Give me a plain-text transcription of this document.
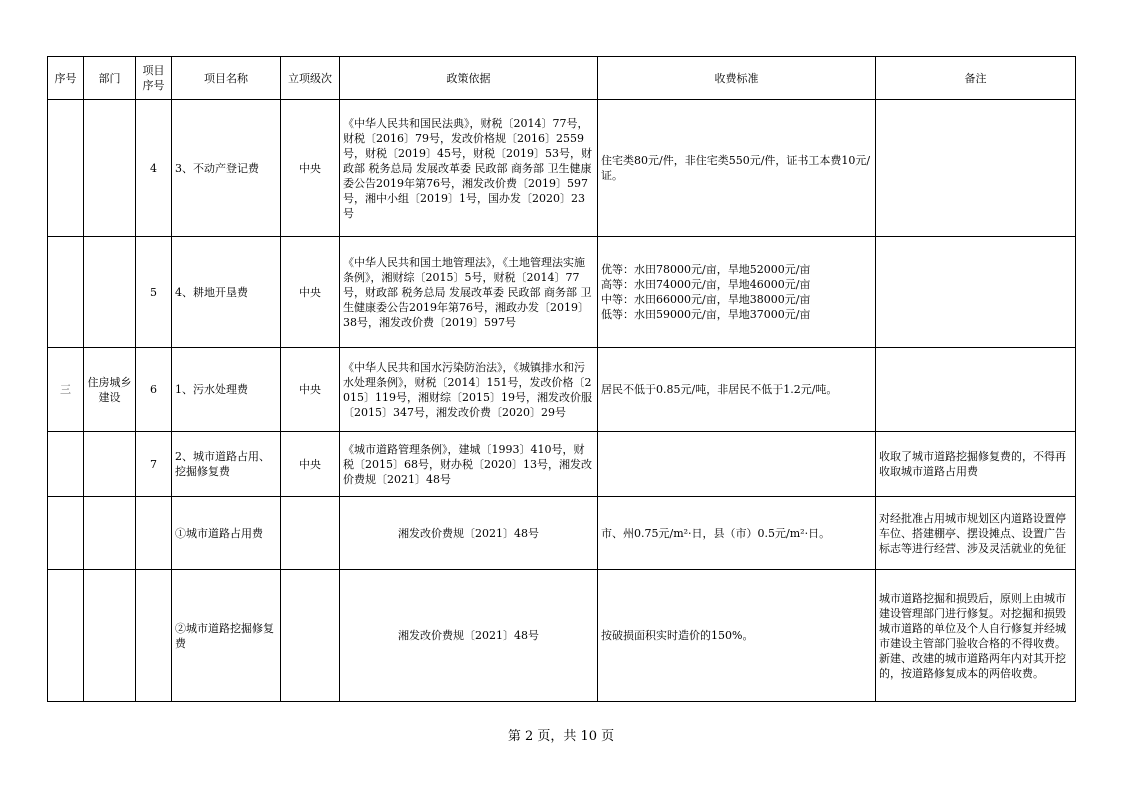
序号	部门	项目序号	项目名称	立项级次	政策依据	收费标准	备注
		4	3、不动产登记费	中央	《中华人民共和国民法典》，财税〔2014〕77号，财税〔2016〕79号，发改价格规〔2016〕2559号，财税〔2019〕45号，财税〔2019〕53号，财政部 税务总局 发展改革委 民政部 商务部 卫生健康委公告2019年第76号，湘发改价费〔2019〕597号，湘中小组〔2019〕1号，国办发〔2020〕23号	住宅类80元/件，非住宅类550元/件，证书工本费10元/证。	
		5	4、耕地开垦费	中央	《中华人民共和国土地管理法》，《土地管理法实施条例》，湘财综〔2015〕5号，财税〔2014〕77号，财政部 税务总局 发展改革委 民政部 商务部 卫生健康委公告2019年第76号，湘政办发〔2019〕38号，湘发改价费〔2019〕597号	优等：水田78000元/亩，旱地52000元/亩
高等：水田74000元/亩，旱地46000元/亩
中等：水田66000元/亩，旱地38000元/亩
低等：水田59000元/亩，旱地37000元/亩	

三	住房城乡建设	6	1、污水处理费	中央	《中华人民共和国水污染防治法》，《城镇排水和污水处理条例》，财税〔2014〕151号，发改价格〔2015〕119号，湘财综〔2015〕19号，湘发改价服〔2015〕347号，湘发改价费〔2020〕29号	居民不低于0.85元/吨，非居民不低于1.2元/吨。	
		7	2、城市道路占用、挖掘修复费	中央	《城市道路管理条例》，建城〔1993〕410号，财税〔2015〕68号，财办税〔2020〕13号，湘发改价费规〔2021〕48号		收取了城市道路挖掘修复费的，不得再收取城市道路占用费
			①城市道路占用费		湘发改价费规〔2021〕48号	市、州0.75元/m²·日，县（市）0.5元/m²·日。	对经批准占用城市规划区内道路设置停车位、搭建棚亭、摆设摊点、设置广告标志等进行经营、涉及灵活就业的免征
			②城市道路挖掘修复费		湘发改价费规〔2021〕48号	按破损面积实时造价的150%。	城市道路挖掘和损毁后，原则上由城市建设管理部门进行修复。对挖掘和损毁城市道路的单位及个人自行修复并经城市建设主管部门验收合格的不得收费。新建、改建的城市道路两年内对其开挖的，按道路修复成本的两倍收费。
第 2 页，共 10 页
